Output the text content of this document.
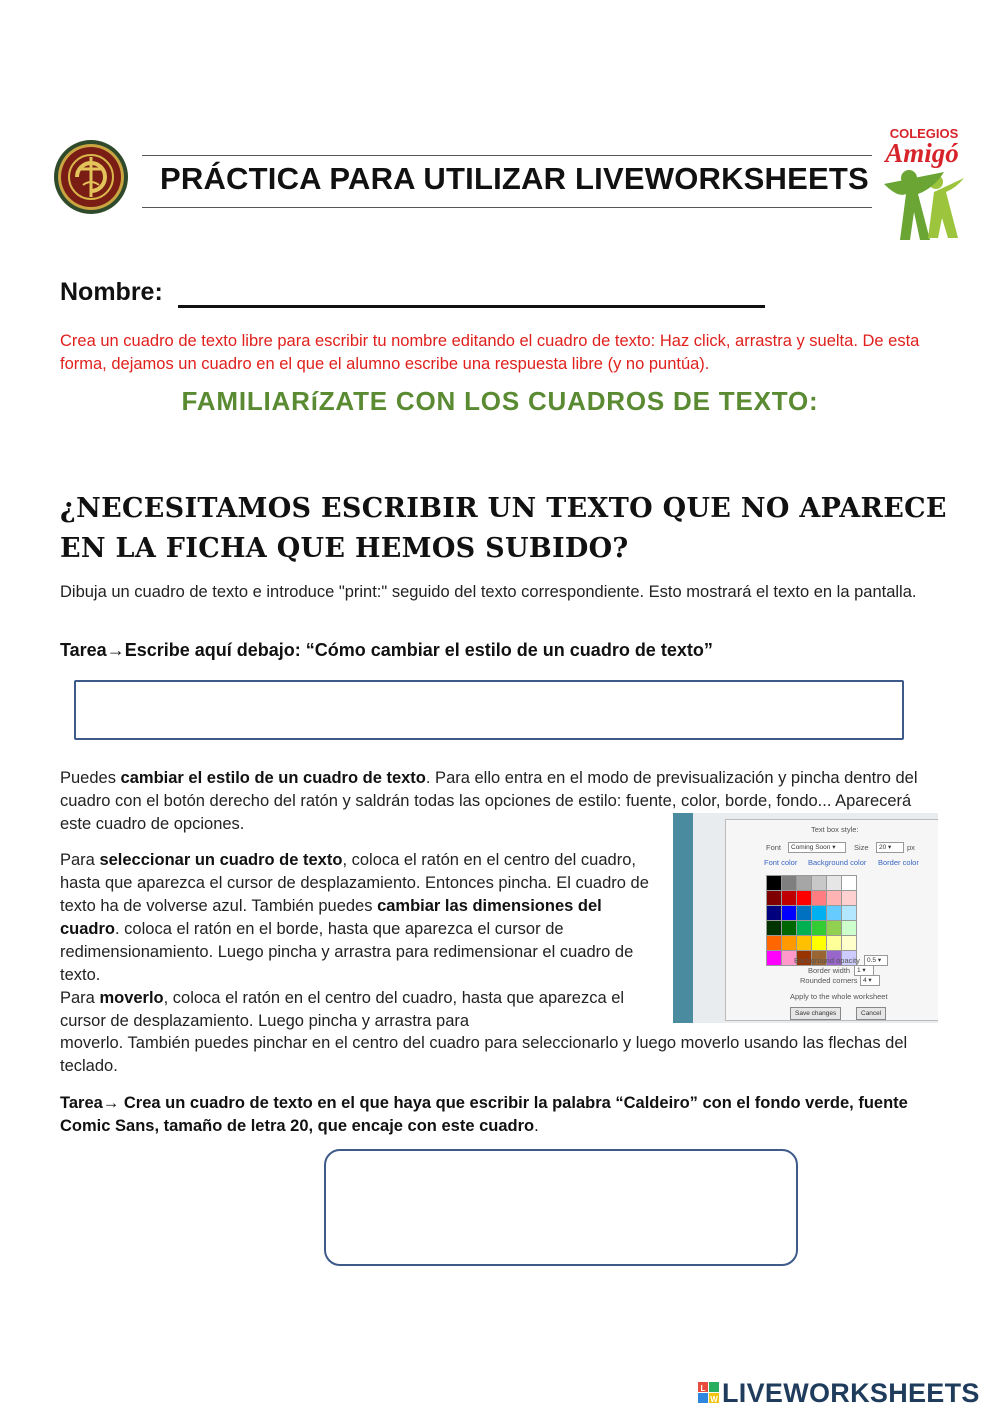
PRÁCTICA PARA UTILIZAR LIVEWORKSHEETS
COLEGIOS
Amigó
Nombre:
Crea un cuadro de texto libre para escribir tu nombre editando el cuadro de texto: Haz click, arrastra y suelta. De esta forma, dejamos un cuadro en el que el alumno escribe una respuesta libre (y no puntúa).
FAMILIARíZATE CON LOS CUADROS DE TEXTO:
¿NECESITAMOS ESCRIBIR UN TEXTO QUE NO APARECE EN LA FICHA QUE HEMOS SUBIDO?
Dibuja un cuadro de texto e introduce "print:" seguido del texto correspondiente. Esto mostrará el texto en la pantalla.
Tarea→Escribe aquí debajo: “Cómo cambiar el estilo de un cuadro de texto”
Puedes cambiar el estilo de un cuadro de texto. Para ello entra en el modo de previsualización y pincha dentro del cuadro con el botón derecho del ratón y saldrán todas las opciones de estilo: fuente, color, borde, fondo... Aparecerá este cuadro de opciones.
Para seleccionar un cuadro de texto, coloca el ratón en el centro del cuadro, hasta que aparezca el cursor de desplazamiento. Entonces pincha. El cuadro de texto ha de volverse azul. También puedes cambiar las dimensiones del cuadro. coloca el ratón en el borde, hasta que aparezca el cursor de redimensionamiento. Luego pincha y arrastra para redimensionar el cuadro de texto.
Para moverlo, coloca el ratón en el centro del cuadro, hasta que aparezca el cursor de desplazamiento. Luego pincha y arrastra para
moverlo. También puedes pinchar en el centro del cuadro para seleccionarlo y luego moverlo usando las flechas del teclado.
Tarea→ Crea un cuadro de texto en el que haya que escribir la palabra “Caldeiro” con el fondo verde, fuente Comic Sans, tamaño de letra 20, que encaje con este cuadro.
Text box style:
Font	Coming Soon ▾	Size	20 ▾	px
Font color Background color Border color
Background opacity	0.5 ▾
Border width	1 ▾
Rounded corners 4 ▾
Apply to the whole worksheet
Save changes	Cancel
L
W LIVEWORKSHEETS
